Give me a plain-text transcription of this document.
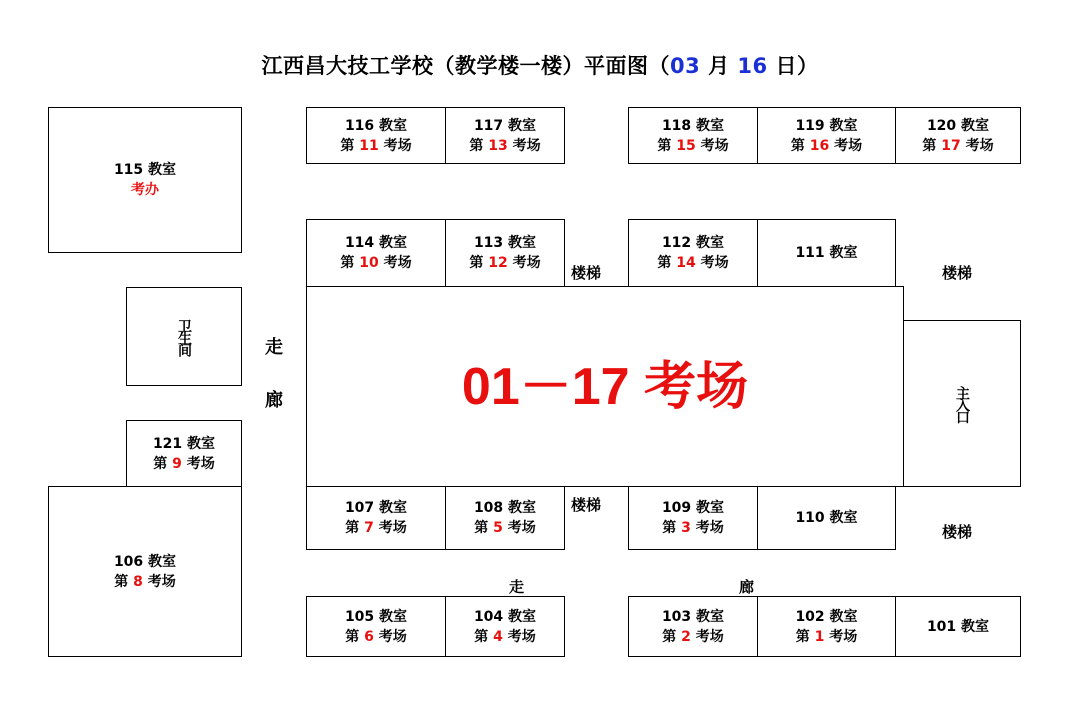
江西昌大技工学校（教学楼一楼）平面图（03 月 16 日）
115 教室
考办
116 教室
第 11 考场
117 教室
第 13 考场
118 教室
第 15 考场
119 教室
第 16 考场
120 教室
第 17 考场
114 教室
第 10 考场
113 教室
第 12 考场
112 教室
第 14 考场
111 教室
楼梯	楼梯
楼梯
楼梯
卫生间	走
廊	01－17 考场	主入口
121 教室
第 9 考场
106 教室
第 8 考场
107 教室
第 7 考场
108 教室
第 5 考场
109 教室
第 3 考场
110 教室
走	廊
105 教室
第 6 考场
104 教室
第 4 考场
103 教室
第 2 考场
102 教室
第 1 考场
101 教室
